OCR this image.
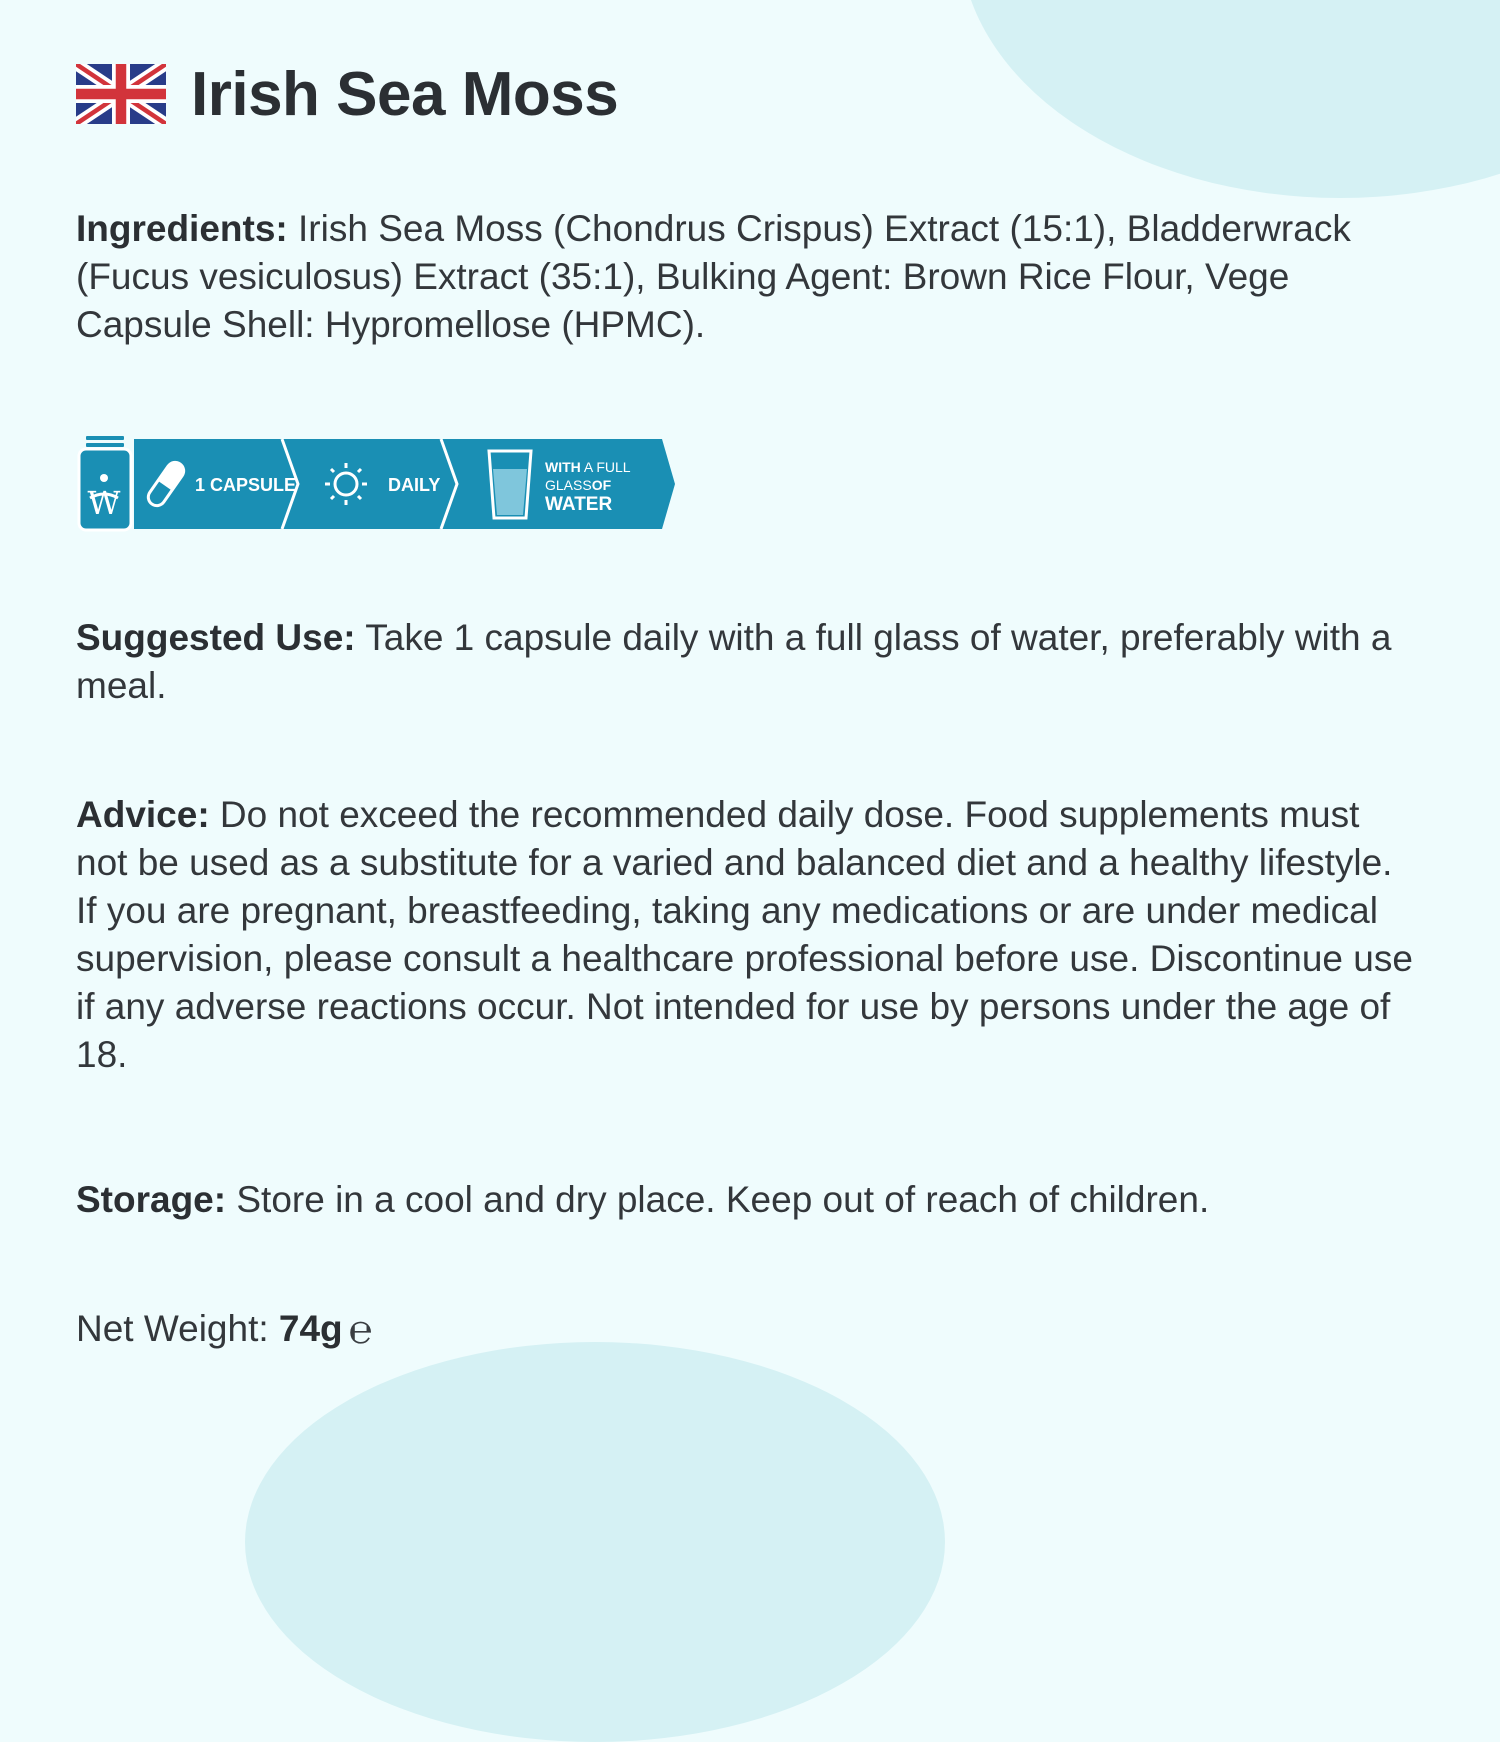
Irish Sea Moss

Ingredients: Irish Sea Moss (Chondrus Crispus) Extract (15:1), Bladderwrack (Fucus vesiculosus) Extract (35:1), Bulking Agent: Brown Rice Flour, Vege Capsule Shell: Hypromellose (HPMC).

W	1 CAPSULE	DAILY
WITH A FULL
GLASSOF
WATER

Suggested Use: Take 1 capsule daily with a full glass of water, preferably with a meal.

Advice: Do not exceed the recommended daily dose. Food supplements must not be used as a substitute for a varied and balanced diet and a healthy lifestyle. If you are pregnant, breastfeeding, taking any medications or are under medical supervision, please consult a healthcare professional before use. Discontinue use if any adverse reactions occur. Not intended for use by persons under the age of 18.

Storage: Store in a cool and dry place. Keep out of reach of children.

Net Weight: 74g ℮
